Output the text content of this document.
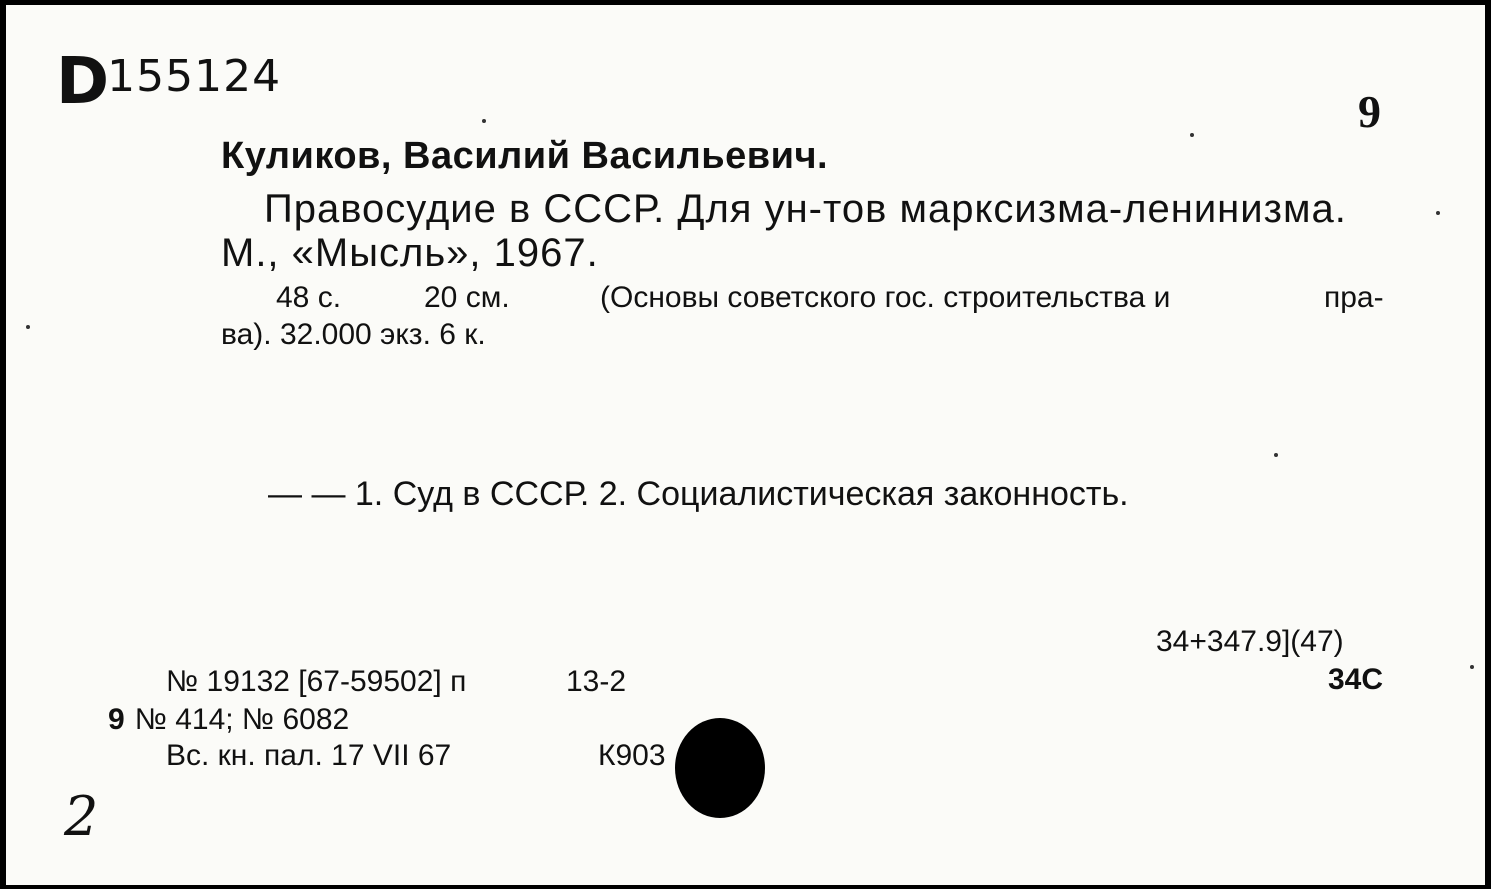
$D^{155124}$
9
Куликов, Василий Васильевич.
Правосудие в СССР. Для ун-тов марксизма-ленинизма.
М., «Мысль», 1967.
48 с.	20 см.	(Основы советского гос. строительства и	пра-
ва). 32.000 экз. 6 к.
— — 1. Суд в СССР. 2. Социалистическая законность.
34+347.9](47)
34С
№ 19132 [67-59502] п	13-2
9 № 414; № 6082
Вс. кн. пал. 17 VII 67	К903
2
